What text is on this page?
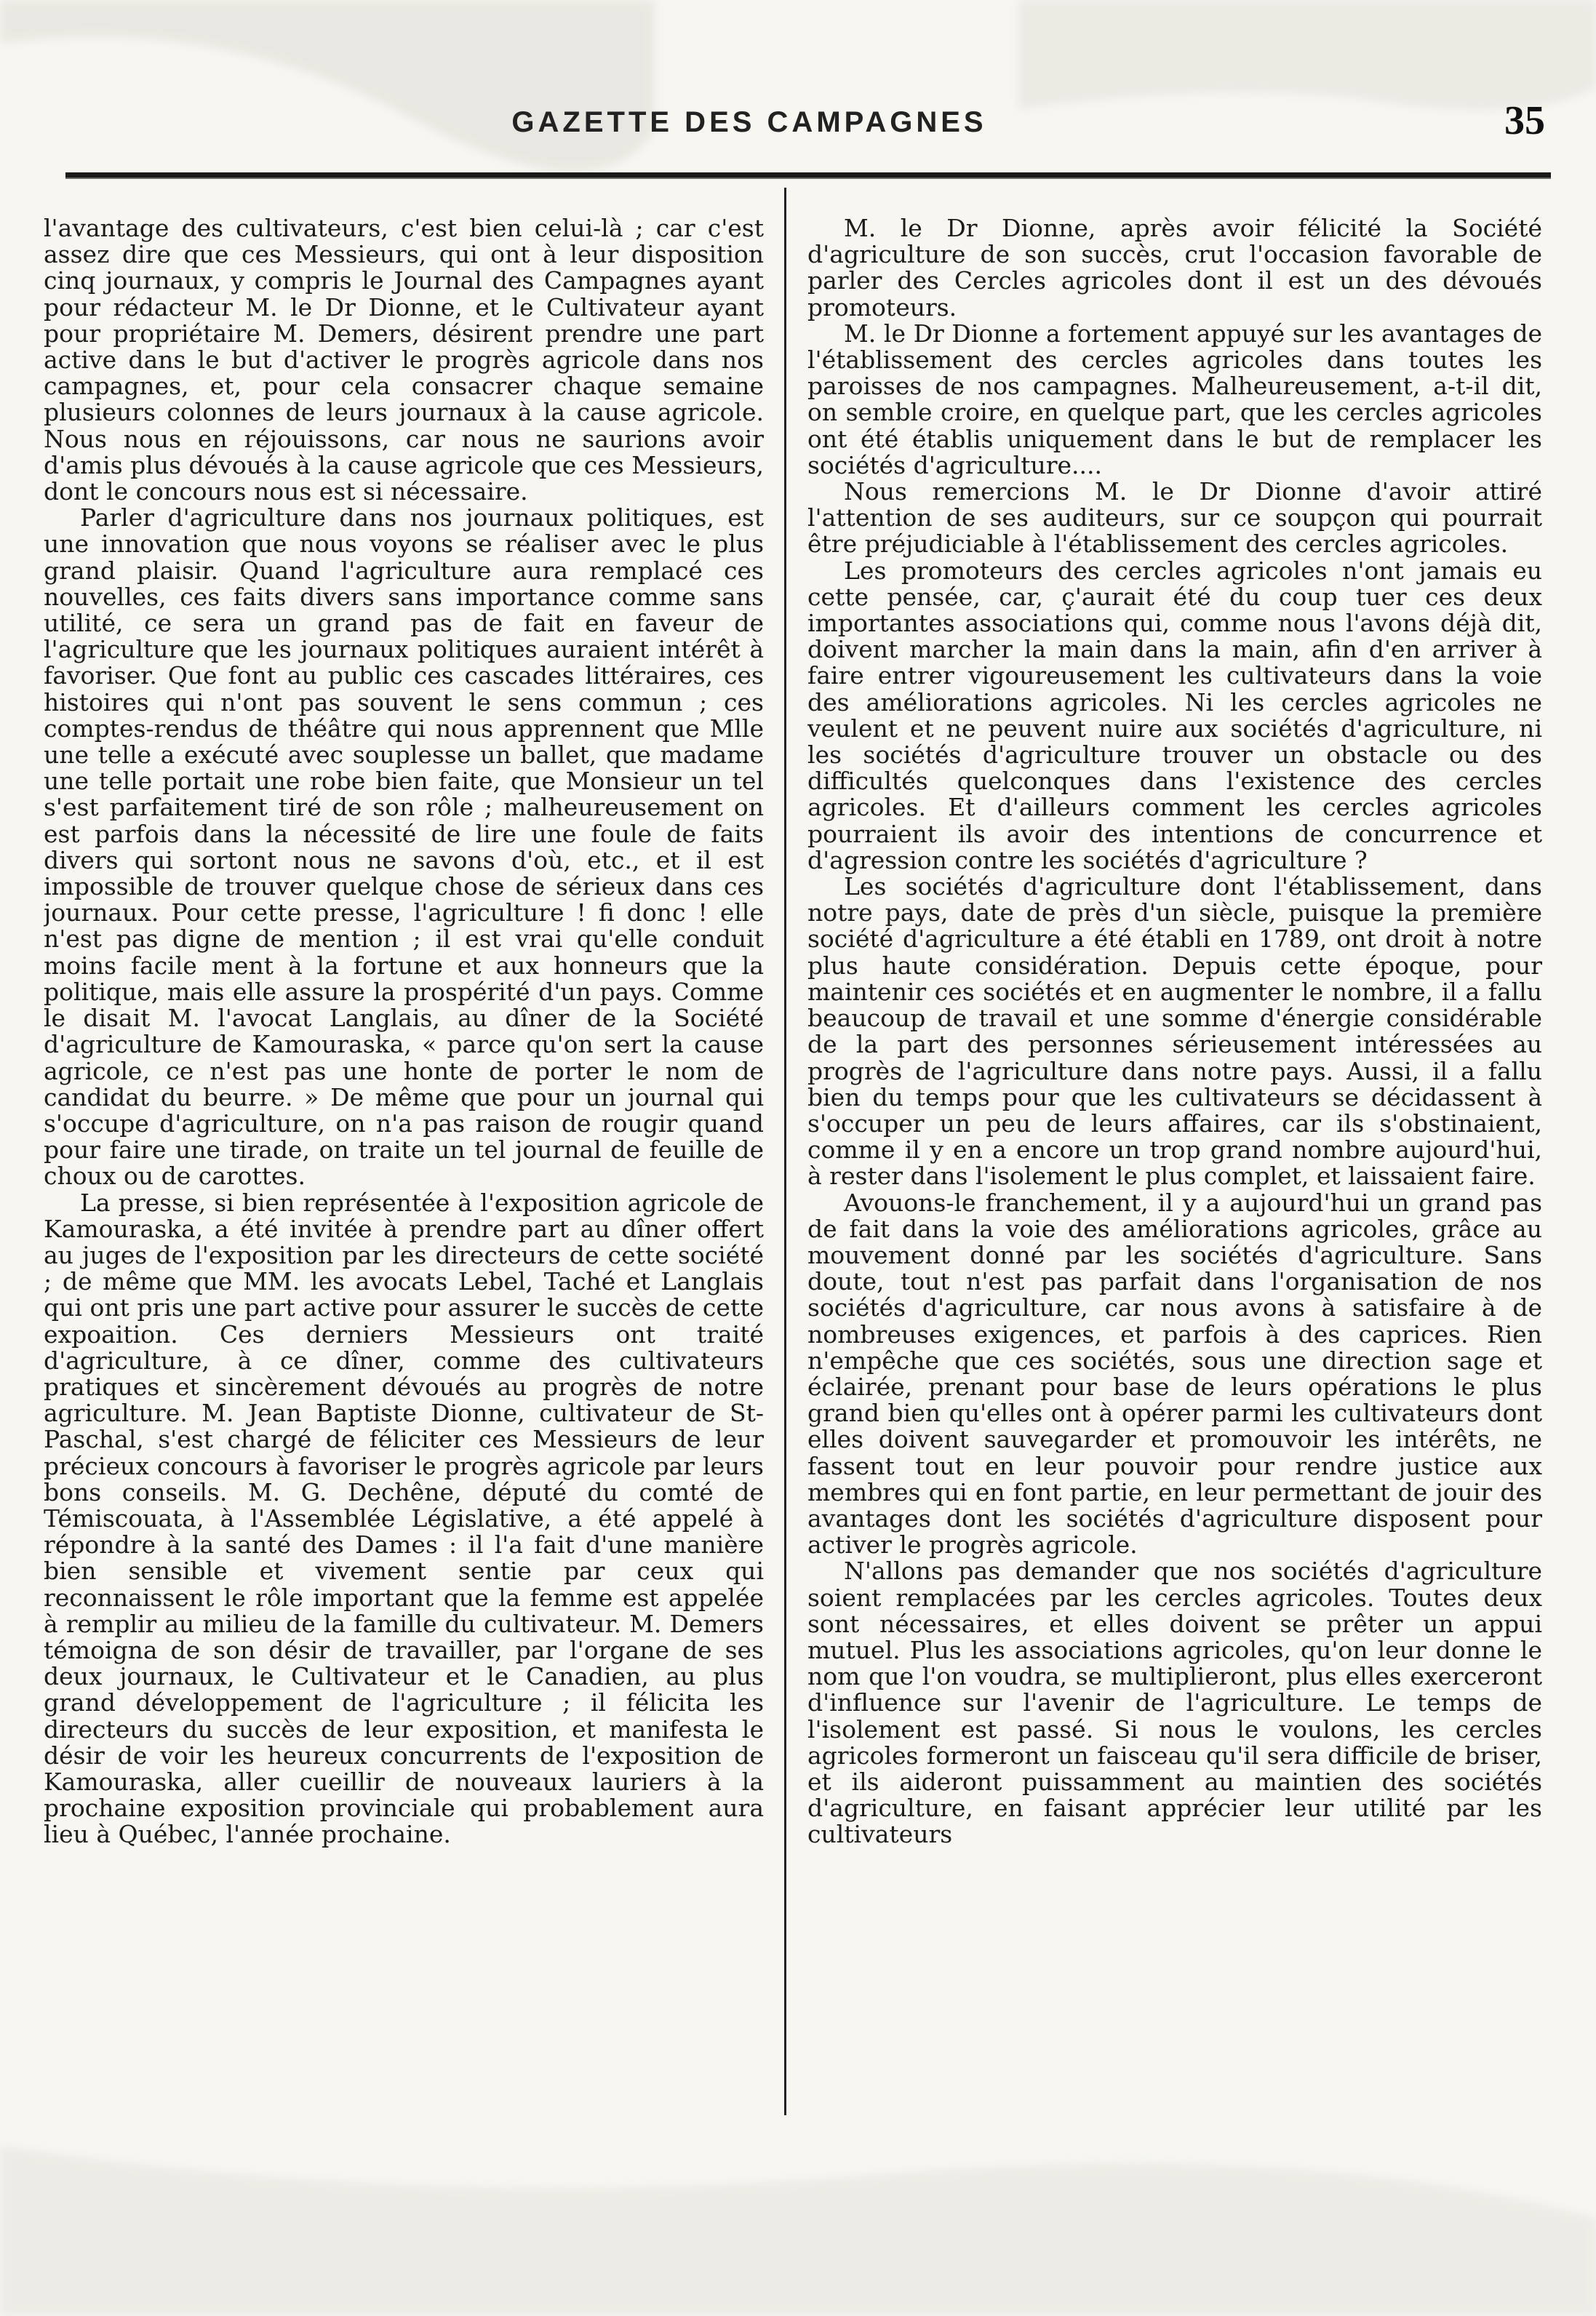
GAZETTE DES CAMPAGNES	35

l'avantage des cultivateurs, c'est bien celui-là ; car c'est assez dire que ces Messieurs, qui ont à leur disposition cinq journaux, y compris le Journal des Campagnes ayant pour rédacteur M. le Dr Dionne, et le Cultivateur ayant pour propriétaire M. Demers, désirent prendre une part active dans le but d'activer le progrès agricole dans nos campagnes, et, pour cela consacrer chaque semaine plusieurs colonnes de leurs journaux à la cause agricole. Nous nous en réjouissons, car nous ne saurions avoir d'amis plus dévoués à la cause agricole que ces Messieurs, dont le concours nous est si nécessaire.

Parler d'agriculture dans nos journaux politiques, est une innovation que nous voyons se réaliser avec le plus grand plaisir. Quand l'agriculture aura remplacé ces nouvelles, ces faits divers sans importance comme sans utilité, ce sera un grand pas de fait en faveur de l'agriculture que les journaux politiques auraient intérêt à favoriser. Que font au public ces cascades littéraires, ces histoires qui n'ont pas souvent le sens commun ; ces comptes-rendus de théâtre qui nous apprennent que Mlle une telle a exécuté avec souplesse un ballet, que madame une telle portait une robe bien faite, que Monsieur un tel s'est parfaitement tiré de son rôle ; malheureusement on est parfois dans la nécessité de lire une foule de faits divers qui sortont nous ne savons d'où, etc., et il est impossible de trouver quelque chose de sérieux dans ces journaux. Pour cette presse, l'agriculture ! fi donc ! elle n'est pas digne de mention ; il est vrai qu'elle conduit moins facile ment à la fortune et aux honneurs que la politique, mais elle assure la prospérité d'un pays. Comme le disait M. l'avocat Langlais, au dîner de la Société d'agriculture de Kamouraska, « parce qu'on sert la cause agricole, ce n'est pas une honte de porter le nom de candidat du beurre. » De même que pour un journal qui s'occupe d'agriculture, on n'a pas raison de rougir quand pour faire une tirade, on traite un tel journal de feuille de choux ou de carottes.

La presse, si bien représentée à l'exposition agricole de Kamouraska, a été invitée à prendre part au dîner offert au juges de l'exposition par les directeurs de cette société ; de même que MM. les avocats Lebel, Taché et Langlais qui ont pris une part active pour assurer le succès de cette expoaition. Ces derniers Messieurs ont traité d'agriculture, à ce dîner, comme des cultivateurs pratiques et sincèrement dévoués au progrès de notre agriculture. M. Jean Baptiste Dionne, cultivateur de St-Paschal, s'est chargé de féliciter ces Messieurs de leur précieux concours à favoriser le progrès agricole par leurs bons conseils. M. G. Dechêne, député du comté de Témiscouata, à l'Assemblée Législative, a été appelé à répondre à la santé des Dames : il l'a fait d'une manière bien sensible et vivement sentie par ceux qui reconnaissent le rôle important que la femme est appelée à remplir au milieu de la famille du cultivateur. M. Demers témoigna de son désir de travailler, par l'organe de ses deux journaux, le Cultivateur et le Canadien, au plus grand développement de l'agriculture ; il félicita les directeurs du succès de leur exposition, et manifesta le désir de voir les heureux concurrents de l'exposition de Kamouraska, aller cueillir de nouveaux lauriers à la prochaine exposition provinciale qui probablement aura lieu à Québec, l'année prochaine.

M. le Dr Dionne, après avoir félicité la Société d'agriculture de son succès, crut l'occasion favorable de parler des Cercles agricoles dont il est un des dévoués promoteurs.

M. le Dr Dionne a fortement appuyé sur les avantages de l'établissement des cercles agricoles dans toutes les paroisses de nos campagnes. Malheureusement, a-t-il dit, on semble croire, en quelque part, que les cercles agricoles ont été établis uniquement dans le but de remplacer les sociétés d'agriculture....

Nous remercions M. le Dr Dionne d'avoir attiré l'attention de ses auditeurs, sur ce soupçon qui pourrait être préjudiciable à l'établissement des cercles agricoles.

Les promoteurs des cercles agricoles n'ont jamais eu cette pensée, car, ç'aurait été du coup tuer ces deux importantes associations qui, comme nous l'avons déjà dit, doivent marcher la main dans la main, afin d'en arriver à faire entrer vigoureusement les cultivateurs dans la voie des améliorations agricoles. Ni les cercles agricoles ne veulent et ne peuvent nuire aux sociétés d'agriculture, ni les sociétés d'agriculture trouver un obstacle ou des difficultés quelconques dans l'existence des cercles agricoles. Et d'ailleurs comment les cercles agricoles pourraient ils avoir des intentions de concurrence et d'agression contre les sociétés d'agriculture ?

Les sociétés d'agriculture dont l'établissement, dans notre pays, date de près d'un siècle, puisque la première société d'agriculture a été établi en 1789, ont droit à notre plus haute considération. Depuis cette époque, pour maintenir ces sociétés et en augmenter le nombre, il a fallu beaucoup de travail et une somme d'énergie considérable de la part des personnes sérieusement intéressées au progrès de l'agriculture dans notre pays. Aussi, il a fallu bien du temps pour que les cultivateurs se décidassent à s'occuper un peu de leurs affaires, car ils s'obstinaient, comme il y en a encore un trop grand nombre aujourd'hui, à rester dans l'isolement le plus complet, et laissaient faire.

Avouons-le franchement, il y a aujourd'hui un grand pas de fait dans la voie des améliorations agricoles, grâce au mouvement donné par les sociétés d'agriculture. Sans doute, tout n'est pas parfait dans l'organisation de nos sociétés d'agriculture, car nous avons à satisfaire à de nombreuses exigences, et parfois à des caprices. Rien n'empêche que ces sociétés, sous une direction sage et éclairée, prenant pour base de leurs opérations le plus grand bien qu'elles ont à opérer parmi les cultivateurs dont elles doivent sauvegarder et promouvoir les intérêts, ne fassent tout en leur pouvoir pour rendre justice aux membres qui en font partie, en leur permettant de jouir des avantages dont les sociétés d'agriculture disposent pour activer le progrès agricole.

N'allons pas demander que nos sociétés d'agriculture soient remplacées par les cercles agricoles. Toutes deux sont nécessaires, et elles doivent se prêter un appui mutuel. Plus les associations agricoles, qu'on leur donne le nom que l'on voudra, se multiplieront, plus elles exerceront d'influence sur l'avenir de l'agriculture. Le temps de l'isolement est passé. Si nous le voulons, les cercles agricoles formeront un faisceau qu'il sera difficile de briser, et ils aideront puissamment au maintien des sociétés d'agriculture, en faisant apprécier leur utilité par les cultivateurs
